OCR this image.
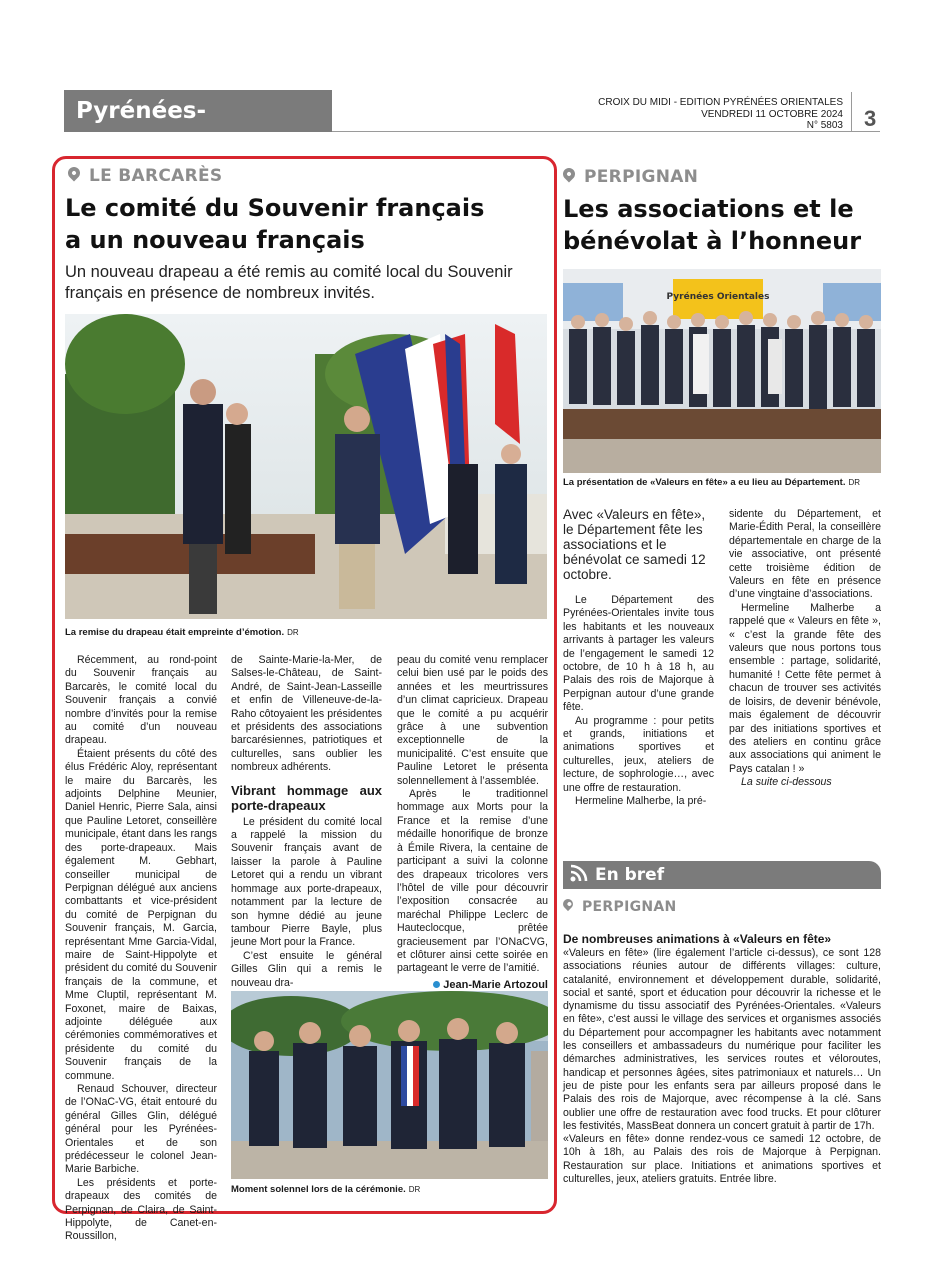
Pyrénées-Orientales
CROIX DU MIDI - EDITION PYRÉNÉES ORIENTALES
VENDREDI 11 OCTOBRE 2024
N° 5803 3
LE BARCARÈS
Le comité du Souvenir français
a un nouveau français
Un nouveau drapeau a été remis au comité local du Souvenir français en présence de nombreux invités.
La remise du drapeau était empreinte d’émotion. DR

Récemment, au rond-point du Souvenir français au Barcarès, le comité local du Souvenir français a convié nombre d’invités pour la remise au comité d’un nouveau drapeau.

Étaient présents du côté des élus Frédéric Aloy, représentant le maire du Barcarès, les adjoints Delphine Meunier, Daniel Henric, Pierre Sala, ainsi que Pauline Letoret, conseillère municipale, étant dans les rangs des porte-drapeaux. Mais également M. Gebhart, conseiller municipal de Perpignan délégué aux anciens combattants et vice-président du comité de Perpignan du Souvenir français, M. Garcia, représentant Mme Garcia-Vidal, maire de Saint-Hippolyte et président du comité du Souvenir français de la commune, et Mme Cluptil, représentant M. Foxonet, maire de Baixas, adjointe déléguée aux cérémonies commémoratives et présidente du comité du Souvenir français de la commune.

Renaud Schouver, directeur de l’ONaC-VG, était entouré du général Gilles Glin, délégué général pour les Pyrénées-Orientales et de son prédécesseur le colonel Jean-Marie Barbiche.

Les présidents et porte-drapeaux des comités de Perpignan, de Claira, de Saint-Hippolyte, de Canet-en-Roussillon,

de Sainte-Marie-la-Mer, de Salses-le-Château, de Saint-André, de Saint-Jean-Lasseille et enfin de Villeneuve-de-la-Raho côtoyaient les présidentes et présidents des associations barcarésiennes, patriotiques et culturelles, sans oublier les nombreux adhérents.

Vibrant hommage aux porte-drapeaux

Le président du comité local a rappelé la mission du Souvenir français avant de laisser la parole à Pauline Letoret qui a rendu un vibrant hommage aux porte-drapeaux, notamment par la lecture de son hymne dédié au jeune tambour Pierre Bayle, plus jeune Mort pour la France.

C’est ensuite le général Gilles Glin qui a remis le nouveau dra-

peau du comité venu remplacer celui bien usé par le poids des années et les meurtrissures d’un climat capricieux. Drapeau que le comité a pu acquérir grâce à une subvention exceptionnelle de la municipalité. C’est ensuite que Pauline Letoret le présenta solennellement à l’assemblée.

Après le traditionnel hommage aux Morts pour la France et la remise d’une médaille honorifique de bronze à Émile Rivera, la centaine de participant a suivi la colonne des drapeaux tricolores vers l’hôtel de ville pour découvrir l’exposition consacrée au maréchal Philippe Leclerc de Hauteclocque, prêtée gracieusement par l’ONaCVG, et clôturer ainsi cette soirée en partageant le verre de l’amitié.

Jean-Marie Artozoul
Moment solennel lors de la cérémonie. DR
PERPIGNAN
Les associations et le
bénévolat à l’honneur
Pyrénées Orientales
La présentation de «Valeurs en fête» a eu lieu au Département. DR
Avec «Valeurs en fête», le Département fête les associations et le bénévolat ce samedi 12 octobre.

Le Département des Pyrénées-Orientales invite tous les habitants et les nouveaux arrivants à partager les valeurs de l’engagement le samedi 12 octobre, de 10 h à 18 h, au Palais des rois de Majorque à Perpignan autour d’une grande fête.

Au programme : pour petits et grands, initiations et animations sportives et culturelles, jeux, ateliers de lecture, de sophrologie…, avec une offre de restauration.

Hermeline Malherbe, la pré-

sidente du Département, et Marie-Édith Peral, la conseillère départementale en charge de la vie associative, ont présenté cette troisième édition de Valeurs en fête en présence d’une vingtaine d’associations.

Hermeline Malherbe a rappelé que « Valeurs en fête », « c’est la grande fête des valeurs que nous portons tous ensemble : partage, solidarité, humanité ! Cette fête permet à chacun de trouver ses activités de loisirs, de devenir bénévole, mais également de découvrir par des initiations sportives et des ateliers en continu grâce aux associations qui animent le Pays catalan ! »

La suite ci-dessous

En bref
PERPIGNAN
De nombreuses animations à «Valeurs en fête»

«Valeurs en fête» (lire également l’article ci-dessus), ce sont 128 associations réunies autour de différents villages: culture, catalanité, environnement et développement durable, solidarité, social et santé, sport et éducation pour découvrir la richesse et le dynamisme du tissu associatif des Pyrénées-Orientales. «Valeurs en fête», c’est aussi le village des services et organismes associés du Département pour accompagner les habitants avec notamment les conseillers et ambassadeurs du numérique pour faciliter les démarches administratives, les services routes et véloroutes, handicap et personnes âgées, sites patrimoniaux et naturels… Un jeu de piste pour les enfants sera par ailleurs proposé dans le Palais des rois de Majorque, avec récompense à la clé. Sans oublier une offre de restauration avec food trucks. Et pour clôturer les festivités, MassBeat donnera un concert gratuit à partir de 17h.

«Valeurs en fête» donne rendez-vous ce samedi 12 octobre, de 10h à 18h, au Palais des rois de Majorque à Perpignan. Restauration sur place. Initiations et animations sportives et culturelles, jeux, ateliers gratuits. Entrée libre.
